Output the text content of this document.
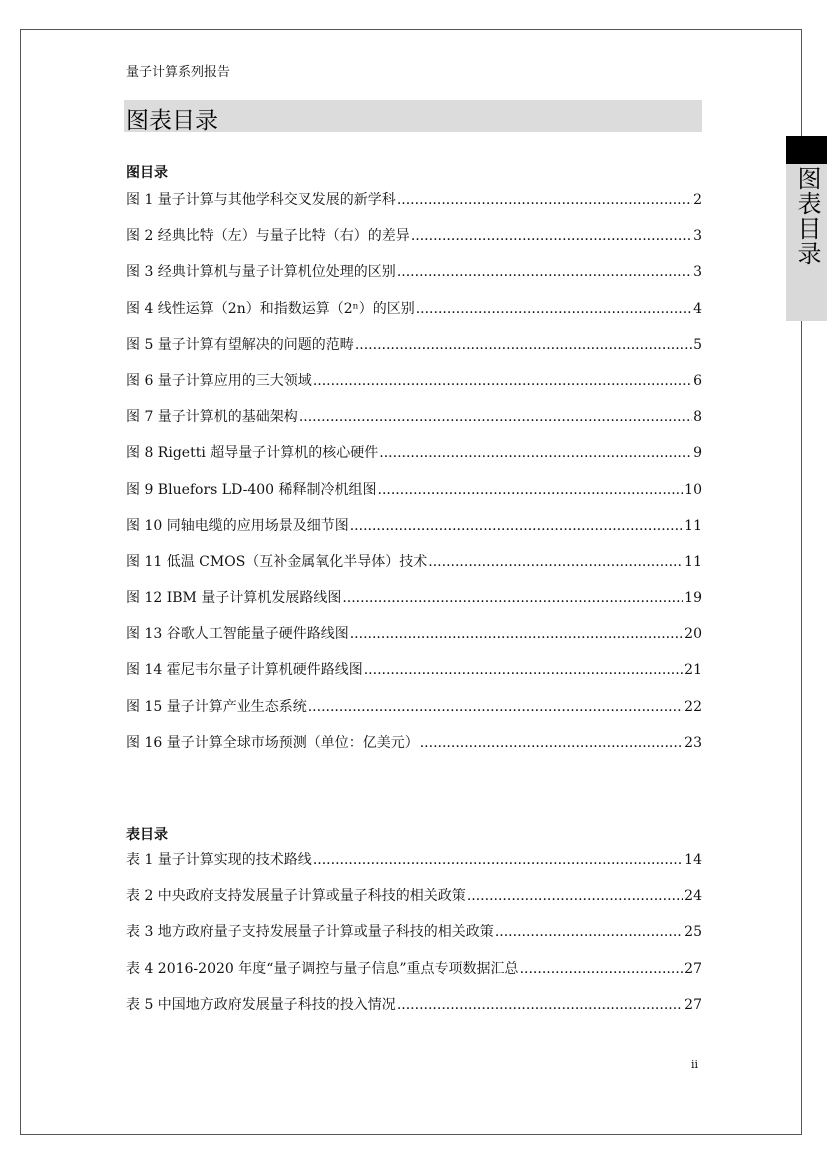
量子计算系列报告
图表目录
图表目录
图目录
图 1 量子计算与其他学科交叉发展的新学科 .....	2
图 2 经典比特（左）与量子比特（右）的差异 .....	3
图 3 经典计算机与量子计算机位处理的区别 .....	3
图 4 线性运算（2n）和指数运算（2ⁿ）的区别 .....	4
图 5 量子计算有望解决的问题的范畴 .....	5
图 6 量子计算应用的三大领域 .....	6
图 7 量子计算机的基础架构 .....	8
图 8 Rigetti 超导量子计算机的核心硬件 .....	9
图 9 Bluefors LD-400 稀释制冷机组图 .....	10
图 10 同轴电缆的应用场景及细节图 .....	11
图 11 低温 CMOS（互补金属氧化半导体）技术 .....	11
图 12 IBM 量子计算机发展路线图 .....	19
图 13 谷歌人工智能量子硬件路线图 .....	20
图 14 霍尼韦尔量子计算机硬件路线图 .....	21
图 15 量子计算产业生态系统 .....	22
图 16 量子计算全球市场预测（单位：亿美元） .....	23
表目录
表 1 量子计算实现的技术路线 .....	14
表 2 中央政府支持发展量子计算或量子科技的相关政策 .....	24
表 3 地方政府量子支持发展量子计算或量子科技的相关政策 .....	25
表 4 2016-2020 年度“量子调控与量子信息”重点专项数据汇总 .....	27
表 5 中国地方政府发展量子科技的投入情况 .....	27
ii
